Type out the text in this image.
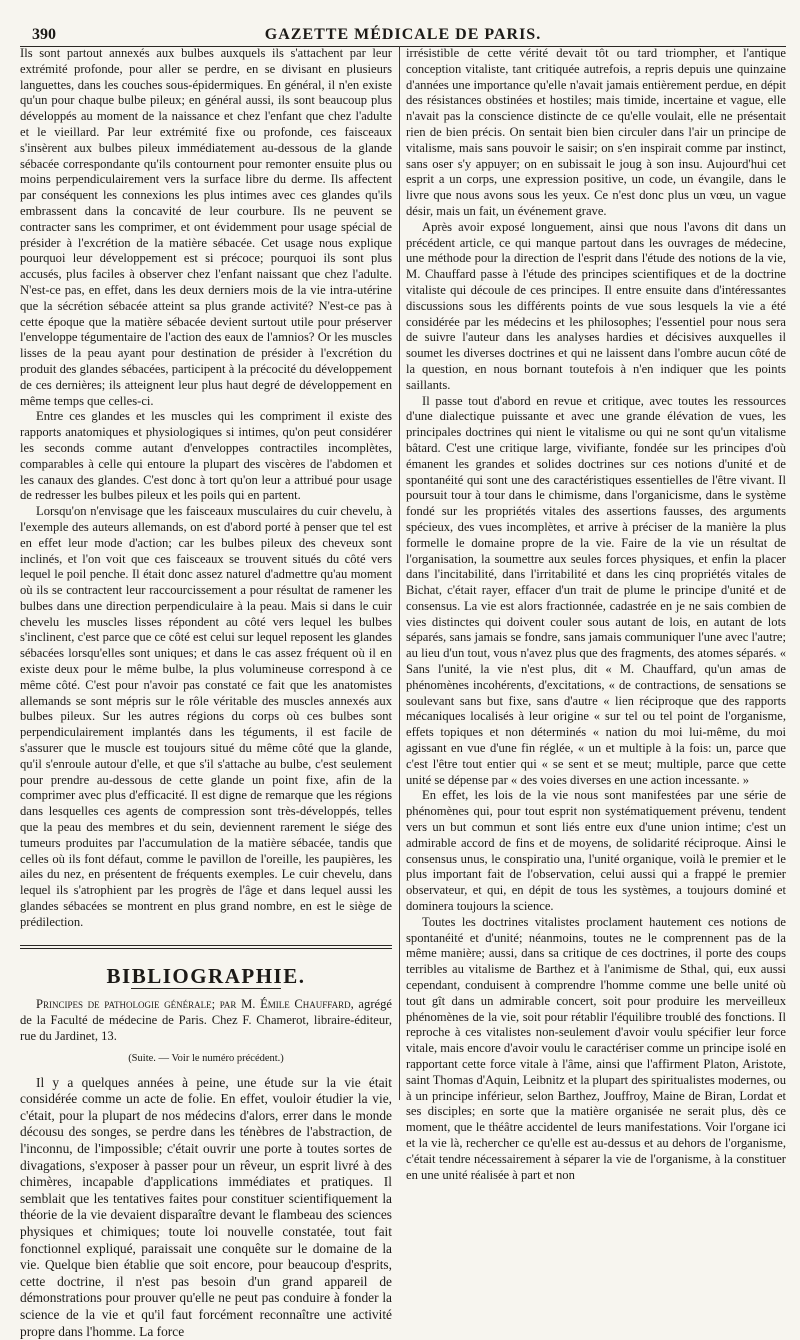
390	GAZETTE MÉDICALE DE PARIS.

Ils sont partout annexés aux bulbes auxquels ils s'attachent par leur extrémité profonde, pour aller se perdre, en se divisant en plusieurs languettes, dans les couches sous-épidermiques. En général, il n'en existe qu'un pour chaque bulbe pileux; en général aussi, ils sont beaucoup plus développés au moment de la naissance et chez l'enfant que chez l'adulte et le vieillard. Par leur extrémité fixe ou profonde, ces faisceaux s'insèrent aux bulbes pileux immédiatement au-dessous de la glande sébacée correspondante qu'ils contournent pour remonter ensuite plus ou moins perpendiculairement vers la surface libre du derme. Ils affectent par conséquent les connexions les plus intimes avec ces glandes qu'ils embrassent dans la concavité de leur courbure. Ils ne peuvent se contracter sans les comprimer, et ont évidemment pour usage spécial de présider à l'excrétion de la matière sébacée. Cet usage nous explique pourquoi leur développement est si précoce; pourquoi ils sont plus accusés, plus faciles à observer chez l'enfant naissant que chez l'adulte. N'est-ce pas, en effet, dans les deux derniers mois de la vie intra-utérine que la sécrétion sébacée atteint sa plus grande activité? N'est-ce pas à cette époque que la matière sébacée devient surtout utile pour préserver l'enveloppe tégumentaire de l'action des eaux de l'amnios? Or les muscles lisses de la peau ayant pour destination de présider à l'excrétion du produit des glandes sébacées, participent à la précocité du développement de ces dernières; ils atteignent leur plus haut degré de développement en même temps que celles-ci.

Entre ces glandes et les muscles qui les compriment il existe des rapports anatomiques et physiologiques si intimes, qu'on peut considérer les seconds comme autant d'enveloppes contractiles incomplètes, comparables à celle qui entoure la plupart des viscères de l'abdomen et les canaux des glandes. C'est donc à tort qu'on leur a attribué pour usage de redresser les bulbes pileux et les poils qui en partent.

Lorsqu'on n'envisage que les faisceaux musculaires du cuir chevelu, à l'exemple des auteurs allemands, on est d'abord porté à penser que tel est en effet leur mode d'action; car les bulbes pileux des cheveux sont inclinés, et l'on voit que ces faisceaux se trouvent situés du côté vers lequel le poil penche. Il était donc assez naturel d'admettre qu'au moment où ils se contractent leur raccourcissement a pour résultat de ramener les bulbes dans une direction perpendiculaire à la peau. Mais si dans le cuir chevelu les muscles lisses répondent au côté vers lequel les bulbes s'inclinent, c'est parce que ce côté est celui sur lequel reposent les glandes sébacées lorsqu'elles sont uniques; et dans le cas assez fréquent où il en existe deux pour le même bulbe, la plus volumineuse correspond à ce même côté. C'est pour n'avoir pas constaté ce fait que les anatomistes allemands se sont mépris sur le rôle véritable des muscles annexés aux bulbes pileux. Sur les autres régions du corps où ces bulbes sont perpendiculairement implantés dans les téguments, il est facile de s'assurer que le muscle est toujours situé du même côté que la glande, qu'il s'enroule autour d'elle, et que s'il s'attache au bulbe, c'est seulement pour prendre au-dessous de cette glande un point fixe, afin de la comprimer avec plus d'efficacité. Il est digne de remarque que les régions dans lesquelles ces agents de compression sont très-développés, telles que la peau des membres et du sein, deviennent rarement le siége des tumeurs produites par l'accumulation de la matière sébacée, tandis que celles où ils font défaut, comme le pavillon de l'oreille, les paupières, les ailes du nez, en présentent de fréquents exemples. Le cuir chevelu, dans lequel ils s'atrophient par les progrès de l'âge et dans lequel aussi les glandes sébacées se montrent en plus grand nombre, en est le siège de prédilection.

BIBLIOGRAPHIE.

Principes de pathologie générale; par M. Émile Chauffard, agrégé de la Faculté de médecine de Paris. Chez F. Chamerot, libraire-éditeur, rue du Jardinet, 13.

(Suite. — Voir le numéro précédent.)

Il y a quelques années à peine, une étude sur la vie était considérée comme un acte de folie. En effet, vouloir étudier la vie, c'était, pour la plupart de nos médecins d'alors, errer dans le monde décousu des songes, se perdre dans les ténèbres de l'abstraction, de l'inconnu, de l'impossible; c'était ouvrir une porte à toutes sortes de divagations, s'exposer à passer pour un rêveur, un esprit livré à des chimères, incapable d'applications immédiates et pratiques. Il semblait que les tentatives faites pour constituer scientifiquement la théorie de la vie devaient disparaître devant le flambeau des sciences physiques et chimiques; toute loi nouvelle constatée, tout fait fonctionnel expliqué, paraissait une conquête sur le domaine de la vie. Quelque bien établie que soit encore, pour beaucoup d'esprits, cette doctrine, il n'est pas besoin d'un grand appareil de démonstrations pour prouver qu'elle ne peut pas conduire à fonder la science de la vie et qu'il faut forcément reconnaître une activité propre dans l'homme. La force

irrésistible de cette vérité devait tôt ou tard triompher, et l'antique conception vitaliste, tant critiquée autrefois, a repris depuis une quinzaine d'années une importance qu'elle n'avait jamais entièrement perdue, en dépit des résistances obstinées et hostiles; mais timide, incertaine et vague, elle n'avait pas la conscience distincte de ce qu'elle voulait, elle ne présentait rien de bien précis. On sentait bien bien circuler dans l'air un principe de vitalisme, mais sans pouvoir le saisir; on s'en inspirait comme par instinct, sans oser s'y appuyer; on en subissait le joug à son insu. Aujourd'hui cet esprit a un corps, une expression positive, un code, un évangile, dans le livre que nous avons sous les yeux. Ce n'est donc plus un vœu, un vague désir, mais un fait, un événement grave.

Après avoir exposé longuement, ainsi que nous l'avons dit dans un précédent article, ce qui manque partout dans les ouvrages de médecine, une méthode pour la direction de l'esprit dans l'étude des notions de la vie, M. Chauffard passe à l'étude des principes scientifiques et de la doctrine vitaliste qui découle de ces principes. Il entre ensuite dans d'intéressantes discussions sous les différents points de vue sous lesquels la vie a été considérée par les médecins et les philosophes; l'essentiel pour nous sera de suivre l'auteur dans les analyses hardies et décisives auxquelles il soumet les diverses doctrines et qui ne laissent dans l'ombre aucun côté de la question, en nous bornant toutefois à n'en indiquer que les points saillants.

Il passe tout d'abord en revue et critique, avec toutes les ressources d'une dialectique puissante et avec une grande élévation de vues, les principales doctrines qui nient le vitalisme ou qui ne sont qu'un vitalisme bâtard. C'est une critique large, vivifiante, fondée sur les principes d'où émanent les grandes et solides doctrines sur ces notions d'unité et de spontanéité qui sont une des caractéristiques essentielles de l'être vivant. Il poursuit tour à tour dans le chimisme, dans l'organicisme, dans le système fondé sur les propriétés vitales des assertions fausses, des arguments spécieux, des vues incomplètes, et arrive à préciser de la manière la plus formelle le domaine propre de la vie. Faire de la vie un résultat de l'organisation, la soumettre aux seules forces physiques, et enfin la placer dans l'incitabilité, dans l'irritabilité et dans les cinq propriétés vitales de Bichat, c'était rayer, effacer d'un trait de plume le principe d'unité et de consensus. La vie est alors fractionnée, cadastrée en je ne sais combien de vies distinctes qui doivent couler sous autant de lois, en autant de lots séparés, sans jamais se fondre, sans jamais communiquer l'une avec l'autre; au lieu d'un tout, vous n'avez plus que des fragments, des atomes séparés. « Sans l'unité, la vie n'est plus, dit « M. Chauffard, qu'un amas de phénomènes incohérents, d'excitations, « de contractions, de sensations se soulevant sans but fixe, sans d'autre « lien réciproque que des rapports mécaniques localisés à leur origine « sur tel ou tel point de l'organisme, effets topiques et non déterminés « nation du moi lui-même, du moi agissant en vue d'une fin réglée, « un et multiple à la fois: un, parce que c'est l'être tout entier qui « se sent et se meut; multiple, parce que cette unité se dépense par « des voies diverses en une action incessante. »

En effet, les lois de la vie nous sont manifestées par une série de phénomènes qui, pour tout esprit non systématiquement prévenu, tendent vers un but commun et sont liés entre eux d'une union intime; c'est un admirable accord de fins et de moyens, de solidarité réciproque. Ainsi le consensus unus, le conspiratio una, l'unité organique, voilà le premier et le plus important fait de l'observation, celui aussi qui a frappé le premier observateur, et qui, en dépit de tous les systèmes, a toujours dominé et dominera toujours la science.

Toutes les doctrines vitalistes proclament hautement ces notions de spontanéité et d'unité; néanmoins, toutes ne le comprennent pas de la même manière; aussi, dans sa critique de ces doctrines, il porte des coups terribles au vitalisme de Barthez et à l'animisme de Sthal, qui, eux aussi cependant, conduisent à comprendre l'homme comme une belle unité où tout gît dans un admirable concert, soit pour produire les merveilleux phénomènes de la vie, soit pour rétablir l'équilibre troublé des fonctions. Il reproche à ces vitalistes non-seulement d'avoir voulu spécifier leur force vitale, mais encore d'avoir voulu le caractériser comme un principe isolé en rapportant cette force vitale à l'âme, ainsi que l'affirment Platon, Aristote, saint Thomas d'Aquin, Leibnitz et la plupart des spiritualistes modernes, ou à un principe inférieur, selon Barthez, Jouffroy, Maine de Biran, Lordat et ses disciples; en sorte que la matière organisée ne serait plus, dès ce moment, que le théâtre accidentel de leurs manifestations. Voir l'organe ici et la vie là, rechercher ce qu'elle est au-dessus et au dehors de l'organisme, c'était tendre nécessairement à séparer la vie de l'organisme, à la constituer en une unité réalisée à part et non
